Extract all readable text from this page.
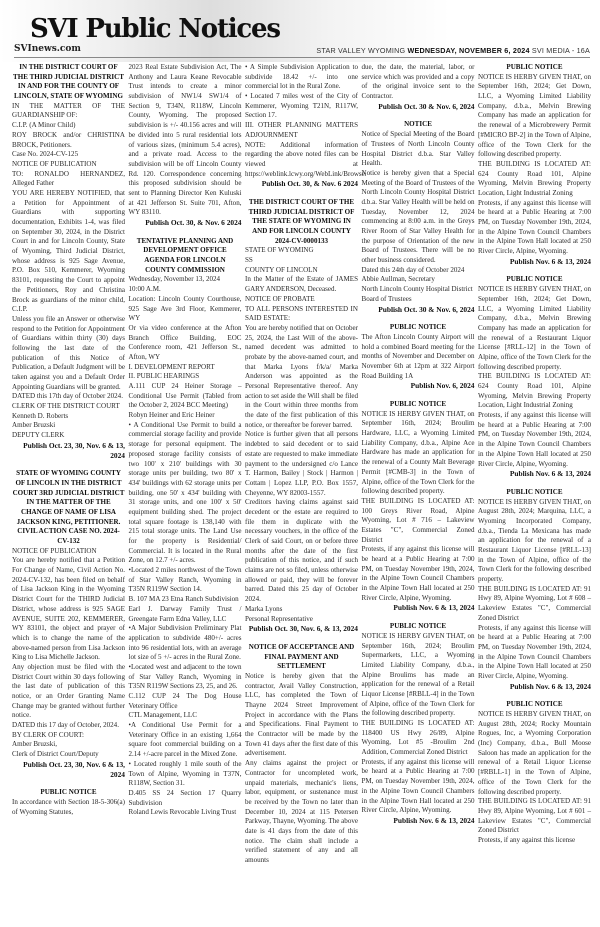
SVI Public Notices
SVInews.com	STAR VALLEY WYOMING WEDNESDAY, NOVEMBER 6, 2024 SVI MEDIA - 16A

IN THE DISTRICT COURT OF THE THIRD JUDICIAL DISTRICT IN AND FOR THE COUNTY OF LINCOLN, STATE OF WYOMING

IN THE MATTER OF THE GUARDIANSHIP OF:

C.I.P. (A Minor Child)

ROY BROCK and/or CHRISTINA BROCK, Petitioners.

Case No. 2024-CV-125

NOTICE OF PUBLICATION

TO: RONALDO HERNANDEZ, Alleged Father

YOU ARE HEREBY NOTIFIED, that a Petition for Appointment of Guardians with supporting documentation, Exhibits 1-4, was filed on September 30, 2024, in the District Court in and for Lincoln County, State of Wyoming, Third Judicial District, whose address is 925 Sage Avenue, P.O. Box 510, Kemmerer, Wyoming 83101, requesting the Court to appoint the Petitioners, Roy and Christina Brock as guardians of the minor child, C.I.P.

Unless you file an Answer or otherwise respond to the Petition for Appointment of Guardians within thirty (30) days following the last date of the publication of this Notice of Publication, a Default Judgment will be taken against you and a Default Order Appointing Guardians will be granted.

DATED this 17th day of October 2024.

CLERK OF THE DISTRICT COURT

Kenneth D. Roberts

Amber Bruzski

DEPUTY CLERK

Publish Oct. 23, 30, Nov. 6 & 13, 2024

STATE OF WYOMING COUNTY OF LINCOLN IN THE DISTRICT COURT 3RD JUDICIAL DISTRICT IN THE MATTER OF THE CHANGE OF NAME OF LISA JACKSON KING, PETITIONER. CIVIL ACTION CASE NO. 2024-CV-132

NOTICE OF PUBLICATION

You are hereby notified that a Petition For Change of Name, Civil Action No. 2024-CV-132, has been filed on behalf of Lisa Jackson King in the Wyoming District Court for the THIRD Judicial District, whose address is 925 SAGE AVENUE, SUITE 202, KEMMERER, WY 83101, the object and prayer of which is to change the name of the above-named person from Lisa Jackson King to Lisa Michelle Jackson.

Any objection must be filed with the District Court within 30 days following the last date of publication of this notice, or an Order Granting Name Change may be granted without further notice.

DATED this 17 day of October, 2024.

BY CLERK OF COURT:

Amber Bruzski,

Clerk of District Court/Deputy

Publish Oct. 23, 30, Nov. 6 & 13, 2024

PUBLIC NOTICE

In accordance with Section 18-5-306(a) of Wyoming Statutes,

2023 Real Estate Subdivision Act, The Anthony and Laura Keane Revocable Trust intends to create a minor subdivision of NW1/4 SW1/4 of Section 9, T34N, R118W, Lincoln County, Wyoming. The proposed subdivision is +/- 40.156 acres and will be divided into 5 rural residential lots of various sizes, (minimum 5.4 acres), and a private road. Access to the subdivision will be off Lincoln County Rd. 120. Correspondence concerning this proposed subdivision should be sent to Planning Director Ken Kuluski at 421 Jefferson St. Suite 701, Afton, WY 83110.

Publish Oct. 30, & Nov. 6 2024

TENTATIVE PLANNING AND DEVELOPMENT OFFICE AGENDA FOR LINCOLN COUNTY COMMISSION

Wednesday, November 13, 2024

10:00 A.M.

Location: Lincoln County Courthouse, 925 Sage Ave 3rd Floor, Kemmerer, WY

Or via video conference at the Afton Branch Office Building, EOC Conference room, 421 Jefferson St., Afton, WY

I. DEVELOPMENT REPORT

II. PUBLIC HEARINGS

A.111 CUP 24 Heiner Storage – Conditional Use Permit (Tabled from the October 2, 2024 BCC Meeting)

Robyn Heiner and Eric Heiner

• A Conditional Use Permit to build a commercial storage facility and provide storage for personal equipment. The proposed storage facility consists of two 100' x 210' buildings with 30 storage units per building, two 80' x 434' buildings with 62 storage units per building, one 50' x 434' building with 31 storage units, and one 100' x 50' equipment building shed. The project total square footage is 138,140 with 215 total storage units. The Land Use for the property is Residential/ Commercial. It is located in the Rural Zone, on 12.7 +/- acres.

•Located 2 miles northwest of the Town of Star Valley Ranch, Wyoming in T35N R119W Section 14.

B. 107 MA 23 Etna Ranch Subdivision

Earl J. Darway Family Trust / Greengate Farm Edna Valley, LLC

•A Major Subdivision Preliminary Plat application to subdivide 480+/- acres into 96 residential lots, with an average lot size of 5 +/- acres in the Rural Zone.

•Located west and adjacent to the town of Star Valley Ranch, Wyoming in T35N R119W Sections 23, 25, and 26.

C.112 CUP 24 The Dog House Veterinary Office

CTL Management, LLC

•A Conditional Use Permit for a Veterinary Office in an existing 1,664 square foot commercial building on a 2.14 +/-acre parcel in the Mixed Zone.

• Located roughly 1 mile south of the Town of Alpine, Wyoming in T37N, R118W, Section 31.

D.405 SS 24 Section 17 Quarry Subdivision

Roland Lewis Revocable Living Trust

• A Simple Subdivision Application to subdivide 18.42 +/- into one commercial lot in the Rural Zone.

• Located 7 miles west of the City of Kemmerer, Wyoming T21N, R117W, Section 17.

III. OTHER PLANNING MATTERS ADJOURNMENT

NOTE: Additional information regarding the above noted files can be viewed at https://weblink.lcwy.org/WebLink/Browse.

Publish Oct. 30, & Nov. 6 2024

THE DISTRICT COURT OF THE THIRD JUDICIAL DISTRICT OF THE STATE OF WYOMING IN AND FOR LINCOLN COUNTY 2024-CV-0000133

STATE OF WYOMING

SS

COUNTY OF LINCOLN

In the Matter of the Estate of JAMES GARY ANDERSON, Deceased.

NOTICE OF PROBATE

TO ALL PERSONS INTERESTED IN SAID ESTATE:

You are hereby notified that on October 25, 2024, the Last Will of the above-named decedent was admitted to probate by the above-named court, and that Marka Lyons f/k/a/ Marka Anderson was appointed as the Personal Representative thereof. Any action to set aside the Will shall be filed in the Court within three months from the date of the first publication of this notice, or thereafter be forever barred.

Notice is further given that all persons indebted to said decedent or to said estate are requested to make immediate payment to the undersigned c/o Lance T. Harmon, Bailey | Stock | Harmon | Cottam | Lopez LLP, P.O. Box 1557, Cheyenne, WY 82003-1557.

Creditors having claims against said decedent or the estate are required to file them in duplicate with the necessary vouchers, in the office of the Clerk of said Court, on or before three months after the date of the first publication of this notice, and if such claims are not so filed, unless otherwise allowed or paid, they will be forever barred. Dated this 25 day of October 2024.

Marka Lyons

Personal Representative

Publish Oct. 30, Nov. 6, & 13, 2024

NOTICE OF ACCEPTANCE AND FINAL PAYMENT AND SETTLEMENT

Notice is hereby given that the contractor, Avail Valley Construction, LLC, has completed the Town of Thayne 2024 Street Improvement Project in accordance with the Plans and Specifications. Final Payment to the Contractor will be made by the Town 41 days after the first date of this advertisement.

Any claims against the project or Contractor for uncompleted work, unpaid materials, mechanic's liens, labor, equipment, or sustenance must be received by the Town no later than December 10, 2024 at 115 Petersen Parkway, Thayne, Wyoming. The above date is 41 days from the date of this notice. The claim shall include a verified statement of any and all amounts

due, the date, the material, labor, or service which was provided and a copy of the original invoice sent to the Contractor.

Publish Oct. 30 & Nov. 6, 2024

NOTICE

Notice of Special Meeting of the Board of Trustees of North Lincoln County Hospital District d.b.a. Star Valley Health.

Notice is hereby given that a Special Meeting of the Board of Trustees of the North Lincoln County Hospital District d.b.a. Star Valley Health will be held on Tuesday, November 12, 2024 commencing at 8:00 a.m. in the Greys River Room of Star Valley Health for the purpose of Orientation of the new Board of Trustees. There will be no other business considered.

Dated this 24th day of October 2024

Abbie Aullman, Secretary

North Lincoln County Hospital District

Board of Trustees

Publish Oct. 30 & Nov. 6, 2024

PUBLIC NOTICE

The Afton Lincoln County Airport will hold a combined Board meeting for the months of November and December on November 6th at 12pm at 322 Airport Road Building 1A

Publish Nov. 6, 2024

PUBLIC NOTICE

NOTICE IS HERBY GIVEN THAT, on September 16th, 2024; Broulim Hardware, LLC, a Wyoming Limited Liability Company, d.b.a., Alpine Ace Hardware has made an application for the renewal of a County Malt Beverage Permit [#CMB-3] in the Town of Alpine, office of the Town Clerk for the following described property.

THE BUILDING IS LOCATED AT: 100 Greys River Road, Alpine Wyoming, Lot # 716 – Lakeview Estates "C", Commercial Zoned District

Protests, if any against this license will be heard at a Public Hearing at 7:00 PM, on Tuesday November 19th, 2024, in the Alpine Town Council Chambers in the Alpine Town Hall located at 250 River Circle, Alpine, Wyoming.

Publish Nov. 6 & 13, 2024

PUBLIC NOTICE

NOTICE IS HERBY GIVEN THAT, on September 16th, 2024; Broulim Supermarkets, LLC, a Wyoming Limited Liability Company, d.b.a., Alpine Broulims has made an application for the renewal of a Retail Liquor License [#RBLL-4] in the Town of Alpine, office of the Town Clerk for the following described property.

THE BUILDING IS LOCATED AT: 118400 US Hwy 26/89, Alpine Wyoming, Lot #5 -Broulim 2nd Addition, Commercial Zoned District

Protests, if any against this license will be heard at a Public Hearing at 7:00 PM, on Tuesday November 19th, 2024, in the Alpine Town Council Chambers in the Alpine Town Hall located at 250 River Circle, Alpine, Wyoming.

Publish Nov. 6 & 13, 2024

PUBLIC NOTICE

NOTICE IS HERBY GIVEN THAT, on September 16th, 2024; Get Down, LLC, a Wyoming Limited Liability Company, d.b.a., Melvin Brewing Company has made an application for the renewal of a Microbrewery Permit [#MICRO BP-2] in the Town of Alpine, office of the Town Clerk for the following described property.

THE BUILDING IS LOCATED AT: 624 County Road 101, Alpine Wyoming, Melvin Brewing Property Location, Light Industrial Zoning

Protests, if any against this license will be heard at a Public Hearing at 7:00 PM, on Tuesday November 19th, 2024, in the Alpine Town Council Chambers in the Alpine Town Hall located at 250 River Circle, Alpine, Wyoming.

Publish Nov. 6 & 13, 2024

PUBLIC NOTICE

NOTICE IS HERBY GIVEN THAT, on September 16th, 2024; Get Down, LLC, a Wyoming Limited Liability Company, d.b.a., Melvin Brewing Company has made an application for the renewal of a Restaurant Liquor License [#RLL-12] in the Town of Alpine, office of the Town Clerk for the following described property.

THE BUILDING IS LOCATED AT: 624 County Road 101, Alpine Wyoming, Melvin Brewing Property Location, Light Industrial Zoning

Protests, if any against this license will be heard at a Public Hearing at 7:00 PM, on Tuesday November 19th, 2024, in the Alpine Town Council Chambers in the Alpine Town Hall located at 250 River Circle, Alpine, Wyoming.

Publish Nov. 6 & 13, 2024

PUBLIC NOTICE

NOTICE IS HERBY GIVEN THAT, on August 28th, 2024; Marquina, LLC, a Wyoming Incorporated Company, d.b.a., Tienda La Mexicana has made an application for the renewal of a Restaurant Liquor License [#RLL-13] in the Town of Alpine, office of the Town Clerk for the following described property.

THE BUILDING IS LOCATED AT: 91 Hwy 89, Alpine Wyoming, Lot # 608 – Lakeview Estates "C", Commercial Zoned District

Protests, if any against this license will be heard at a Public Hearing at 7:00 PM, on Tuesday November 19th, 2024, in the Alpine Town Council Chambers in the Alpine Town Hall located at 250 River Circle, Alpine, Wyoming.

Publish Nov. 6 & 13, 2024

PUBLIC NOTICE

NOTICE IS HERBY GIVEN THAT, on August 28th, 2024; Rocky Mountain Rogues, Inc, a Wyoming Corporation (Inc) Company, d.b.a., Bull Moose Saloon has made an application for the renewal of a Retail Liquor License [#RBLL-1] in the Town of Alpine, office of the Town Clerk for the following described property.

THE BUILDING IS LOCATED AT: 91 Hwy 89, Alpine Wyoming, Lot # 601 – Lakeview Estates "C", Commercial Zoned District

Protests, if any against this license
